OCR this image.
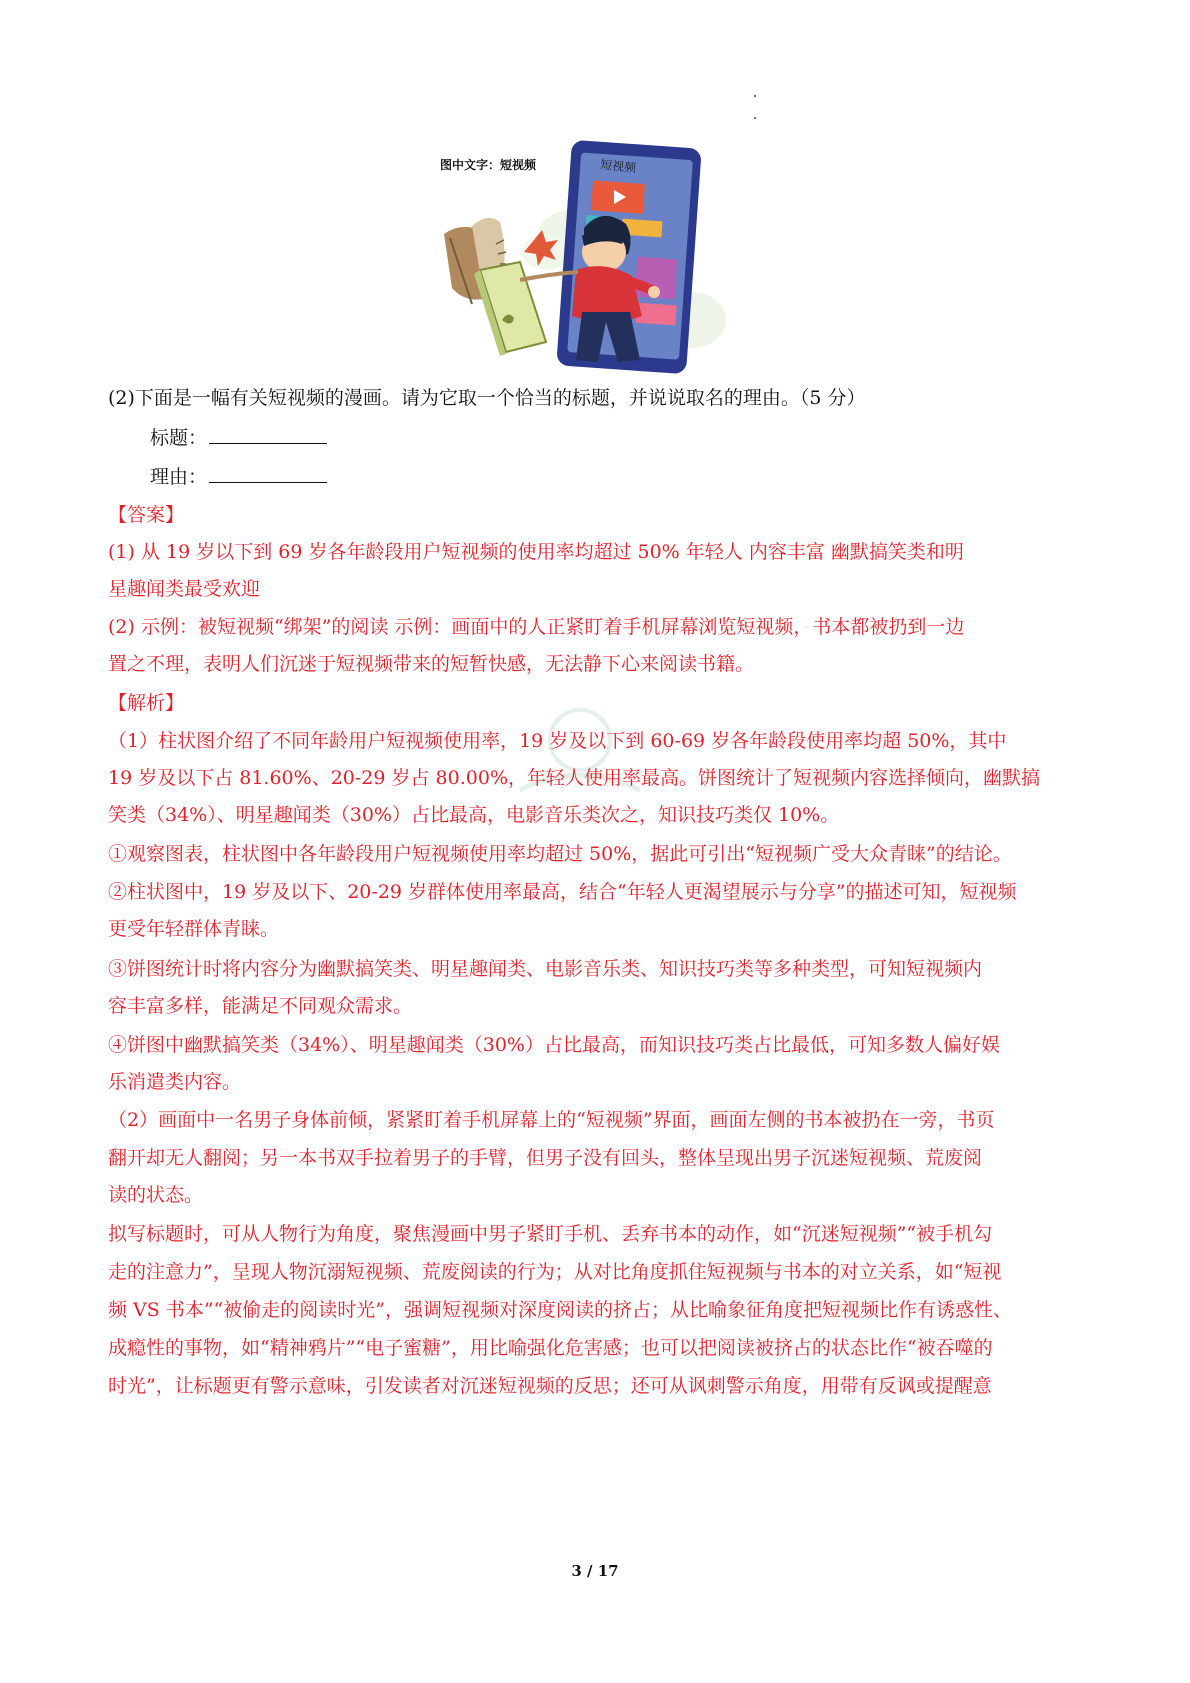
图中文字：短视频	短视频
(2)下面是一幅有关短视频的漫画。请为它取一个恰当的标题，并说说取名的理由。（5 分）
标题：
理由：
【答案】
(1) 从 19 岁以下到 69 岁各年龄段用户短视频的使用率均超过 50% 年轻人 内容丰富 幽默搞笑类和明
星趣闻类最受欢迎
(2) 示例：被短视频“绑架”的阅读 示例：画面中的人正紧盯着手机屏幕浏览短视频，书本都被扔到一边
置之不理，表明人们沉迷于短视频带来的短暂快感，无法静下心来阅读书籍。
【解析】
（1）柱状图介绍了不同年龄用户短视频使用率，19 岁及以下到 60-69 岁各年龄段使用率均超 50%，其中
19 岁及以下占 81.60%、20-29 岁占 80.00%，年轻人使用率最高。饼图统计了短视频内容选择倾向，幽默搞
笑类（34%）、明星趣闻类（30%）占比最高，电影音乐类次之，知识技巧类仅 10%。
①观察图表，柱状图中各年龄段用户短视频使用率均超过 50%，据此可引出“短视频广受大众青睐”的结论。
②柱状图中，19 岁及以下、20-29 岁群体使用率最高，结合“年轻人更渴望展示与分享”的描述可知，短视频
更受年轻群体青睐。
③饼图统计时将内容分为幽默搞笑类、明星趣闻类、电影音乐类、知识技巧类等多种类型，可知短视频内
容丰富多样，能满足不同观众需求。
④饼图中幽默搞笑类（34%）、明星趣闻类（30%）占比最高，而知识技巧类占比最低，可知多数人偏好娱
乐消遣类内容。
（2）画面中一名男子身体前倾，紧紧盯着手机屏幕上的“短视频”界面，画面左侧的书本被扔在一旁，书页
翻开却无人翻阅；另一本书双手拉着男子的手臂，但男子没有回头，整体呈现出男子沉迷短视频、荒废阅
读的状态。
拟写标题时，可从人物行为角度，聚焦漫画中男子紧盯手机、丢弃书本的动作，如“沉迷短视频”“被手机勾
走的注意力”，呈现人物沉溺短视频、荒废阅读的行为；从对比角度抓住短视频与书本的对立关系，如“短视
频 VS 书本”“被偷走的阅读时光”，强调短视频对深度阅读的挤占；从比喻象征角度把短视频比作有诱惑性、
成瘾性的事物，如“精神鸦片”“电子蜜糖”，用比喻强化危害感；也可以把阅读被挤占的状态比作“被吞噬的
时光”，让标题更有警示意味，引发读者对沉迷短视频的反思；还可从讽刺警示角度，用带有反讽或提醒意
3 / 17
